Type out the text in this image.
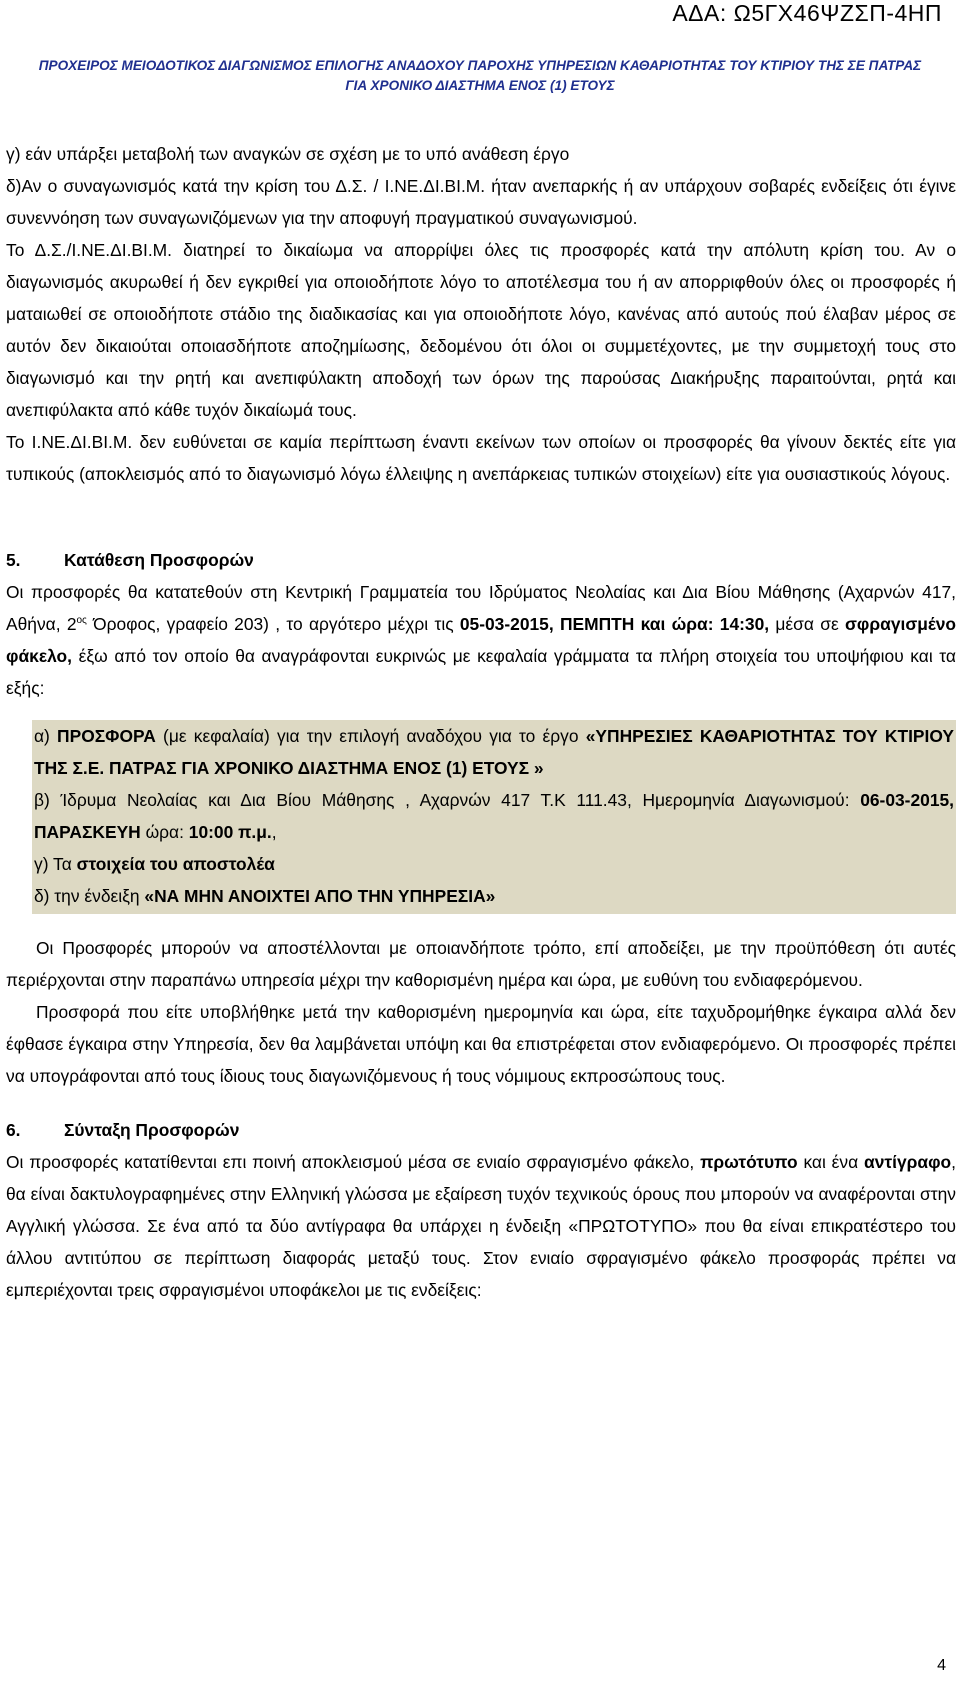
ΑΔΑ: Ω5ΓΧ46ΨΖΣΠ-4ΗΠ
ΠΡΟΧΕΙΡΟΣ ΜΕΙΟΔΟΤΙΚΟΣ ΔΙΑΓΩΝΙΣΜΟΣ ΕΠΙΛΟΓΗΣ ΑΝΑΔΟΧΟΥ ΠΑΡΟΧΗΣ ΥΠΗΡΕΣΙΩΝ ΚΑΘΑΡΙΟΤΗΤΑΣ ΤΟΥ ΚΤΙΡΙΟΥ ΤΗΣ ΣΕ ΠΑΤΡΑΣ
ΓΙΑ ΧΡΟΝΙΚΟ ΔΙΑΣΤΗΜΑ ΕΝΟΣ (1) ΕΤΟΥΣ

γ) εάν υπάρξει μεταβολή των αναγκών σε σχέση με το υπό ανάθεση έργο

δ)Αν ο συναγωνισμός κατά την κρίση του Δ.Σ. / Ι.ΝΕ.ΔΙ.ΒΙ.Μ. ήταν ανεπαρκής ή αν υπάρχουν σοβαρές ενδείξεις ότι έγινε συνεννόηση των συναγωνιζόμενων για την αποφυγή πραγματικού συναγωνισμού.

Το Δ.Σ./Ι.ΝΕ.ΔΙ.ΒΙ.Μ. διατηρεί το δικαίωμα να απορρίψει όλες τις προσφορές κατά την απόλυτη κρίση του. Αν ο διαγωνισμός ακυρωθεί ή δεν εγκριθεί για οποιοδήποτε λόγο το αποτέλεσμα του ή αν απορριφθούν όλες οι προσφορές ή ματαιωθεί σε οποιοδήποτε στάδιο της διαδικασίας και για οποιοδήποτε λόγο, κανένας από αυτούς πού έλαβαν μέρος σε αυτόν δεν δικαιούται οποιασδήποτε αποζημίωσης, δεδομένου ότι όλοι οι συμμετέχοντες, με την συμμετοχή τους στο διαγωνισμό και την ρητή και ανεπιφύλακτη αποδοχή των όρων της παρούσας Διακήρυξης παραιτούνται, ρητά και ανεπιφύλακτα από κάθε τυχόν δικαίωμά τους.

Το Ι.ΝΕ.ΔΙ.ΒΙ.Μ. δεν ευθύνεται σε καμία περίπτωση έναντι εκείνων των οποίων οι προσφορές θα γίνουν δεκτές είτε για τυπικούς (αποκλεισμός από το διαγωνισμό λόγω έλλειψης η ανεπάρκειας τυπικών στοιχείων) είτε για ουσιαστικούς λόγους.

5. Κατάθεση Προσφορών

Οι προσφορές θα κατατεθούν στη Κεντρική Γραμματεία του Ιδρύματος Νεολαίας και Δια Βίου Μάθησης (Αχαρνών 417, Αθήνα, $2^{o\varsigma}$ Όροφος, γραφείο 203) , το αργότερο μέχρι τις 05-03-2015, ΠΕΜΠΤΗ και ώρα: 14:30, μέσα σε σφραγισμένο φάκελο, έξω από τον οποίο θα αναγράφονται ευκρινώς με κεφαλαία γράμματα τα πλήρη στοιχεία του υποψήφιου και τα εξής:

α) ΠΡΟΣΦΟΡΑ (με κεφαλαία) για την επιλογή αναδόχου για το έργο «ΥΠΗΡΕΣΙΕΣ ΚΑΘΑΡΙΟΤΗΤΑΣ ΤΟΥ ΚΤΙΡΙΟΥ ΤΗΣ Σ.Ε. ΠΑΤΡΑΣ ΓΙΑ ΧΡΟΝΙΚΟ ΔΙΑΣΤΗΜΑ ΕΝΟΣ (1) ΕΤΟΥΣ »

β) Ίδρυμα Νεολαίας και Δια Βίου Μάθησης , Αχαρνών 417 Τ.Κ 111.43, Ημερομηνία Διαγωνισμού: 06-03-2015, ΠΑΡΑΣΚΕΥΗ ώρα: 10:00 π.μ.,

γ) Τα στοιχεία του αποστολέα

δ) την ένδειξη «ΝΑ ΜΗΝ ΑΝΟΙΧΤΕΙ ΑΠΟ ΤΗΝ ΥΠΗΡΕΣΙΑ»

Οι Προσφορές μπορούν να αποστέλλονται με οποιανδήποτε τρόπο, επί αποδείξει, με την προϋπόθεση ότι αυτές περιέρχονται στην παραπάνω υπηρεσία μέχρι την καθορισμένη ημέρα και ώρα, με ευθύνη του ενδιαφερόμενου.

Προσφορά που είτε υποβλήθηκε μετά την καθορισμένη ημερομηνία και ώρα, είτε ταχυδρομήθηκε έγκαιρα αλλά δεν έφθασε έγκαιρα στην Υπηρεσία, δεν θα λαμβάνεται υπόψη και θα επιστρέφεται στον ενδιαφερόμενο. Οι προσφορές πρέπει να υπογράφονται από τους ίδιους τους διαγωνιζόμενους ή τους νόμιμους εκπροσώπους τους.

6. Σύνταξη Προσφορών

Οι προσφορές κατατίθενται επι ποινή αποκλεισμού μέσα σε ενιαίο σφραγισμένο φάκελο, πρωτότυπο και ένα αντίγραφο, θα είναι δακτυλογραφημένες στην Ελληνική γλώσσα με εξαίρεση τυχόν τεχνικούς όρους που μπορούν να αναφέρονται στην Αγγλική γλώσσα. Σε ένα από τα δύο αντίγραφα θα υπάρχει η ένδειξη «ΠΡΩΤΟΤΥΠΟ» που θα είναι επικρατέστερο του άλλου αντιτύπου σε περίπτωση διαφοράς μεταξύ τους. Στον ενιαίο σφραγισμένο φάκελο προσφοράς πρέπει να εμπεριέχονται τρεις σφραγισμένοι υποφάκελοι με τις ενδείξεις:

4
